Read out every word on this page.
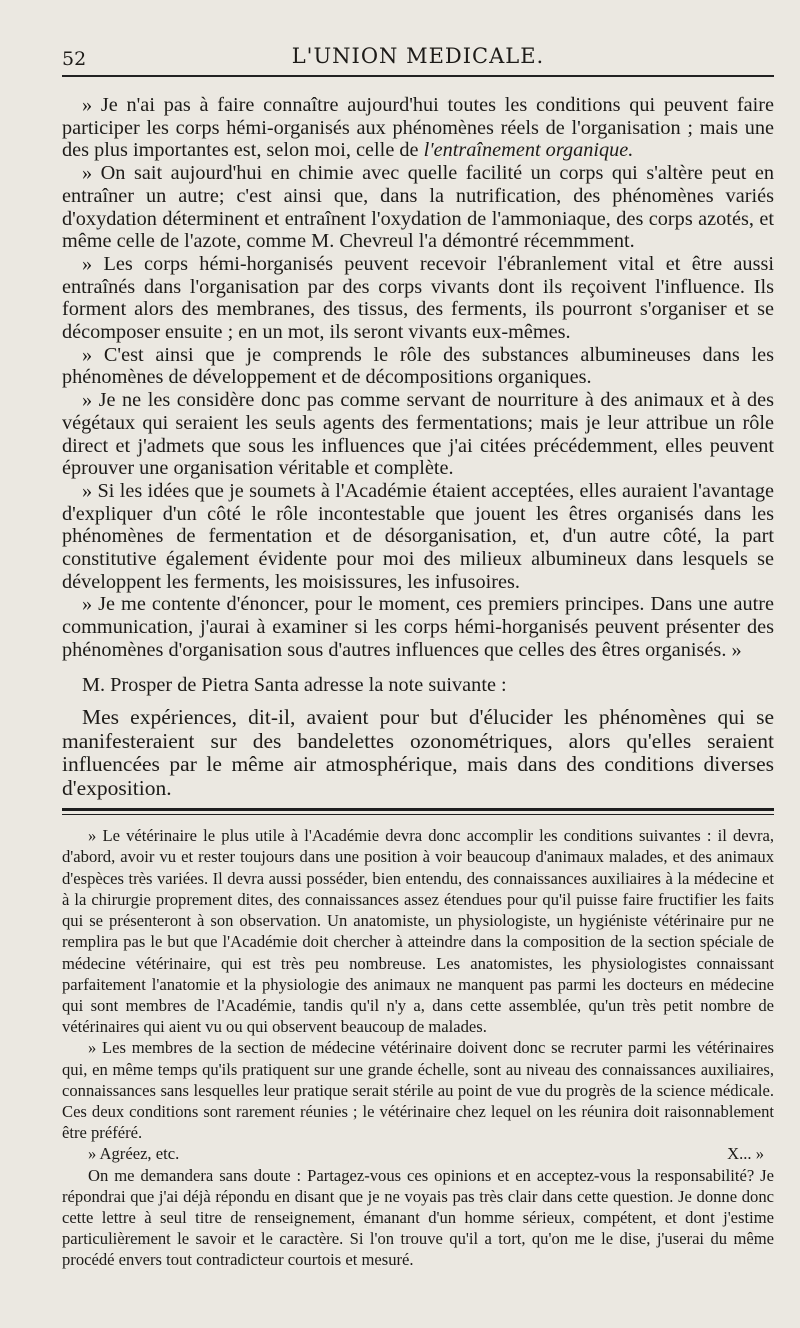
52	L'UNION MEDICALE.

» Je n'ai pas à faire connaître aujourd'hui toutes les conditions qui peuvent faire participer les corps hémi-organisés aux phénomènes réels de l'organisation ; mais une des plus importantes est, selon moi, celle de l'entraînement organique.

» On sait aujourd'hui en chimie avec quelle facilité un corps qui s'altère peut en entraîner un autre; c'est ainsi que, dans la nutrification, des phénomènes variés d'oxydation déterminent et entraînent l'oxydation de l'ammoniaque, des corps azotés, et même celle de l'azote, comme M. Chevreul l'a démontré récemmment.

» Les corps hémi-horganisés peuvent recevoir l'ébranlement vital et être aussi entraînés dans l'organisation par des corps vivants dont ils reçoivent l'influence. Ils forment alors des membranes, des tissus, des ferments, ils pourront s'organiser et se décomposer ensuite ; en un mot, ils seront vivants eux-mêmes.

» C'est ainsi que je comprends le rôle des substances albumineuses dans les phénomènes de développement et de décompositions organiques.

» Je ne les considère donc pas comme servant de nourriture à des animaux et à des végétaux qui seraient les seuls agents des fermentations; mais je leur attribue un rôle direct et j'admets que sous les influences que j'ai citées précédemment, elles peuvent éprouver une organisation véritable et complète.

» Si les idées que je soumets à l'Académie étaient acceptées, elles auraient l'avantage d'expliquer d'un côté le rôle incontestable que jouent les êtres organisés dans les phénomènes de fermentation et de désorganisation, et, d'un autre côté, la part constitutive également évidente pour moi des milieux albumineux dans lesquels se développent les ferments, les moisissures, les infusoires.

» Je me contente d'énoncer, pour le moment, ces premiers principes. Dans une autre communication, j'aurai à examiner si les corps hémi-horganisés peuvent présenter des phénomènes d'organisation sous d'autres influences que celles des êtres organisés. »

M. Prosper de Pietra Santa adresse la note suivante :

Mes expériences, dit-il, avaient pour but d'élucider les phénomènes qui se manifesteraient sur des bandelettes ozonométriques, alors qu'elles seraient influencées par le même air atmosphérique, mais dans des conditions diverses d'exposition.

» Le vétérinaire le plus utile à l'Académie devra donc accomplir les conditions suivantes : il devra, d'abord, avoir vu et rester toujours dans une position à voir beaucoup d'animaux malades, et des animaux d'espèces très variées. Il devra aussi posséder, bien entendu, des connaissances auxiliaires à la médecine et à la chirurgie proprement dites, des connaissances assez étendues pour qu'il puisse faire fructifier les faits qui se présenteront à son observation. Un anatomiste, un physiologiste, un hygiéniste vétérinaire pur ne remplira pas le but que l'Académie doit chercher à atteindre dans la composition de la section spéciale de médecine vétérinaire, qui est très peu nombreuse. Les anatomistes, les physiologistes connaissant parfaitement l'anatomie et la physiologie des animaux ne manquent pas parmi les docteurs en médecine qui sont membres de l'Académie, tandis qu'il n'y a, dans cette assemblée, qu'un très petit nombre de vétérinaires qui aient vu ou qui observent beaucoup de malades.

» Les membres de la section de médecine vétérinaire doivent donc se recruter parmi les vétérinaires qui, en même temps qu'ils pratiquent sur une grande échelle, sont au niveau des connaissances auxiliaires, connaissances sans lesquelles leur pratique serait stérile au point de vue du progrès de la science médicale. Ces deux conditions sont rarement réunies ; le vétérinaire chez lequel on les réunira doit raisonnablement être préféré.

» Agréez, etc.	X... »

On me demandera sans doute : Partagez-vous ces opinions et en acceptez-vous la responsabilité? Je répondrai que j'ai déjà répondu en disant que je ne voyais pas très clair dans cette question. Je donne donc cette lettre à seul titre de renseignement, émanant d'un homme sérieux, compétent, et dont j'estime particulièrement le savoir et le caractère. Si l'on trouve qu'il a tort, qu'on me le dise, j'userai du même procédé envers tout contradicteur courtois et mesuré.
